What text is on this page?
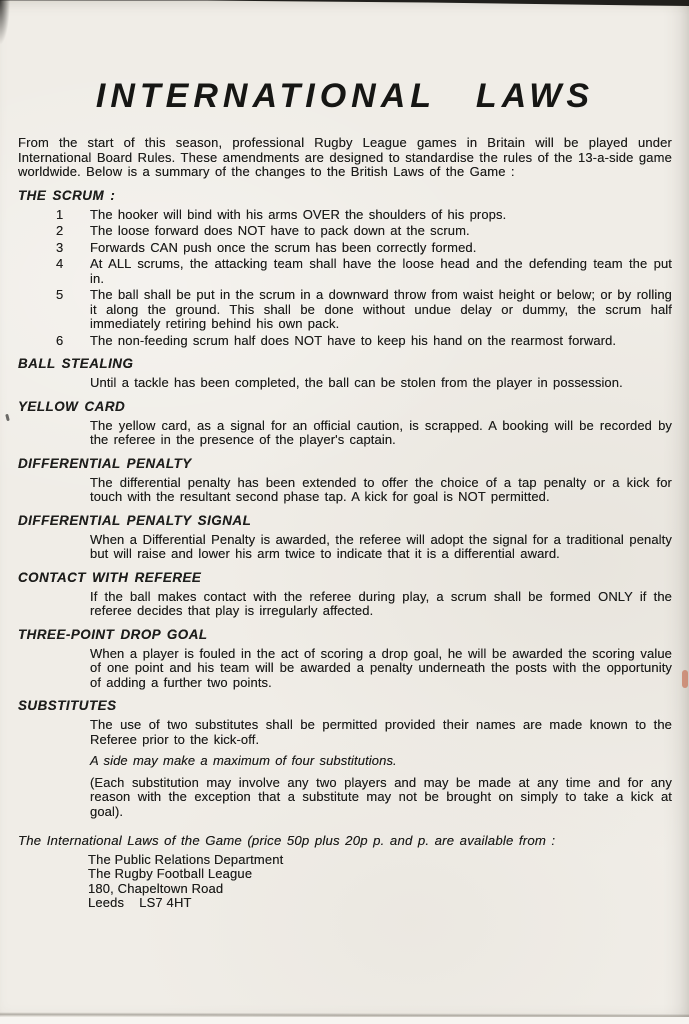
INTERNATIONAL LAWS

From the start of this season, professional Rugby League games in Britain will be played under International Board Rules. These amendments are designed to standardise the rules of the 13-a-side game worldwide. Below is a summary of the changes to the British Laws of the Game :

THE SCRUM :
1	The hooker will bind with his arms OVER the shoulders of his props.
2	The loose forward does NOT have to pack down at the scrum.
3	Forwards CAN push once the scrum has been correctly formed.
4	At ALL scrums, the attacking team shall have the loose head and the defending team the put in.
5	The ball shall be put in the scrum in a downward throw from waist height or below; or by rolling it along the ground. This shall be done without undue delay or dummy, the scrum half immediately retiring behind his own pack.
6	The non-feeding scrum half does NOT have to keep his hand on the rearmost forward.
BALL STEALING

Until a tackle has been completed, the ball can be stolen from the player in possession.

YELLOW CARD

The yellow card, as a signal for an official caution, is scrapped. A booking will be recorded by the referee in the presence of the player's captain.

DIFFERENTIAL PENALTY

The differential penalty has been extended to offer the choice of a tap penalty or a kick for touch with the resultant second phase tap. A kick for goal is NOT permitted.

DIFFERENTIAL PENALTY SIGNAL

When a Differential Penalty is awarded, the referee will adopt the signal for a traditional penalty but will raise and lower his arm twice to indicate that it is a differential award.

CONTACT WITH REFEREE

If the ball makes contact with the referee during play, a scrum shall be formed ONLY if the referee decides that play is irregularly affected.

THREE-POINT DROP GOAL

When a player is fouled in the act of scoring a drop goal, he will be awarded the scoring value of one point and his team will be awarded a penalty underneath the posts with the opportunity of adding a further two points.

SUBSTITUTES

The use of two substitutes shall be permitted provided their names are made known to the Referee prior to the kick-off.

A side may make a maximum of four substitutions.

(Each substitution may involve any two players and may be made at any time and for any reason with the exception that a substitute may not be brought on simply to take a kick at goal).

The International Laws of the Game (price 50p plus 20p p. and p. are available from :

The Public Relations Department

The Rugby Football League

180, Chapeltown Road

Leeds    LS7 4HT
